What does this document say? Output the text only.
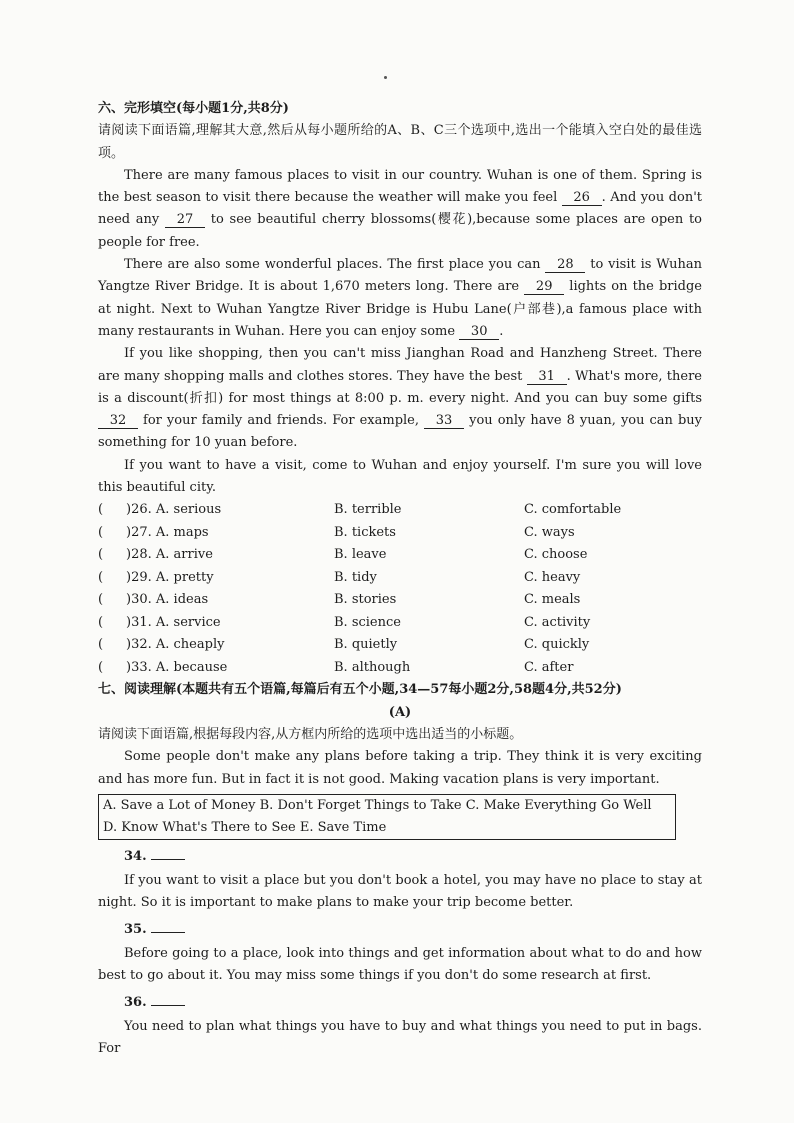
六、完形填空(每小题1分,共8分)

请阅读下面语篇,理解其大意,然后从每小题所给的A、B、C三个选项中,选出一个能填入空白处的最佳选项。

There are many famous places to visit in our country. Wuhan is one of them. Spring is the best season to visit there because the weather will make you feel 26 . And you don't need any 27 to see beautiful cherry blossoms(樱花),because some places are open to people for free.

There are also some wonderful places. The first place you can 28 to visit is Wuhan Yangtze River Bridge. It is about 1,670 meters long. There are 29 lights on the bridge at night. Next to Wuhan Yangtze River Bridge is Hubu Lane(户部巷),a famous place with many restaurants in Wuhan. Here you can enjoy some 30 .

If you like shopping, then you can't miss Jianghan Road and Hanzheng Street. There are many shopping malls and clothes stores. They have the best 31 . What's more, there is a discount(折扣) for most things at 8:00 p. m. every night. And you can buy some gifts 32 for your family and friends. For example, 33 you only have 8 yuan, you can buy something for 10 yuan before.

If you want to have a visit, come to Wuhan and enjoy yourself. I'm sure you will love this beautiful city.

(	)26. A. serious	B. terrible	C. comfortable
(	)27. A. maps	B. tickets	C. ways
(	)28. A. arrive	B. leave	C. choose
(	)29. A. pretty	B. tidy	C. heavy
(	)30. A. ideas	B. stories	C. meals
(	)31. A. service	B. science	C. activity
(	)32. A. cheaply	B. quietly	C. quickly
(	)33. A. because	B. although	C. after
七、阅读理解(本题共有五个语篇,每篇后有五个小题,34—57每小题2分,58题4分,共52分)
(A)

请阅读下面语篇,根据每段内容,从方框内所给的选项中选出适当的小标题。

Some people don't make any plans before taking a trip. They think it is very exciting and has more fun. But in fact it is not good. Making vacation plans is very important.

A. Save a Lot of Money B. Don't Forget Things to Take C. Make Everything Go Well
D. Know What's There to See E. Save Time
34.

If you want to visit a place but you don't book a hotel, you may have no place to stay at night. So it is important to make plans to make your trip become better.

35.

Before going to a place, look into things and get information about what to do and how best to go about it. You may miss some things if you don't do some research at first.

36.

You need to plan what things you have to buy and what things you need to put in bags. For
